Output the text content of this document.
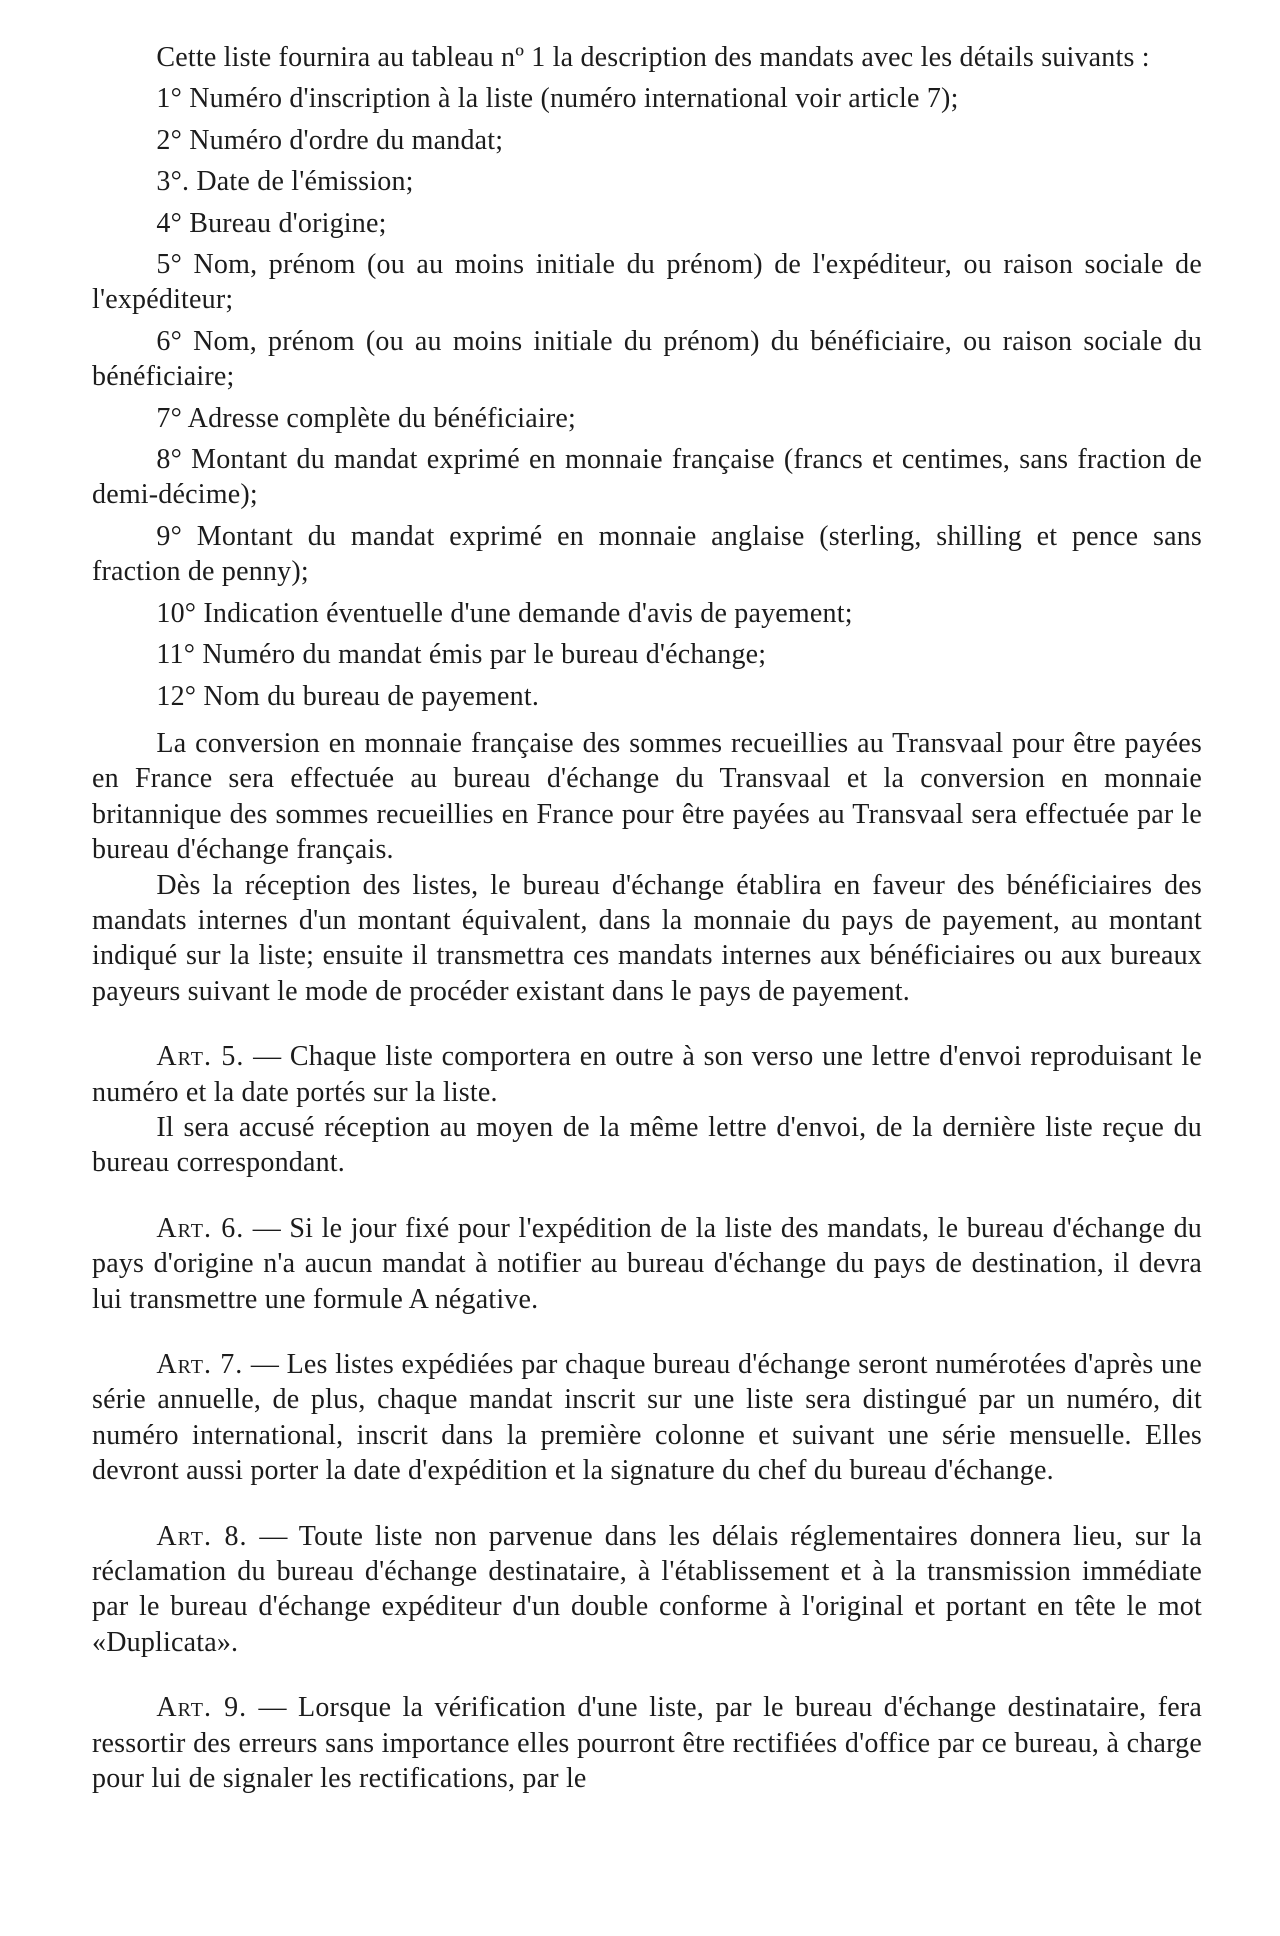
Cette liste fournira au tableau nº 1 la description des mandats avec les détails suivants :

1° Numéro d'inscription à la liste (numéro international voir article 7);

2° Numéro d'ordre du mandat;

3°. Date de l'émission;

4° Bureau d'origine;

5° Nom, prénom (ou au moins initiale du prénom) de l'expéditeur, ou raison sociale de l'expéditeur;

6° Nom, prénom (ou au moins initiale du prénom) du bénéficiaire, ou raison sociale du bénéficiaire;

7° Adresse complète du bénéficiaire;

8° Montant du mandat exprimé en monnaie française (francs et centimes, sans fraction de demi-décime);

9° Montant du mandat exprimé en monnaie anglaise (sterling, shilling et pence sans fraction de penny);

10° Indication éventuelle d'une demande d'avis de payement;

11° Numéro du mandat émis par le bureau d'échange;

12° Nom du bureau de payement.

La conversion en monnaie française des sommes recueillies au Transvaal pour être payées en France sera effectuée au bureau d'échange du Transvaal et la conversion en monnaie britannique des sommes recueillies en France pour être payées au Transvaal sera effectuée par le bureau d'échange français.

Dès la réception des listes, le bureau d'échange établira en faveur des bénéficiaires des mandats internes d'un montant équivalent, dans la monnaie du pays de payement, au montant indiqué sur la liste; ensuite il transmettra ces mandats internes aux bénéficiaires ou aux bureaux payeurs suivant le mode de procéder existant dans le pays de payement.

Art. 5. — Chaque liste comportera en outre à son verso une lettre d'envoi reproduisant le numéro et la date portés sur la liste.

Il sera accusé réception au moyen de la même lettre d'envoi, de la dernière liste reçue du bureau correspondant.

Art. 6. — Si le jour fixé pour l'expédition de la liste des mandats, le bureau d'échange du pays d'origine n'a aucun mandat à notifier au bureau d'échange du pays de destination, il devra lui transmettre une formule A négative.

Art. 7. — Les listes expédiées par chaque bureau d'échange seront numérotées d'après une série annuelle, de plus, chaque mandat inscrit sur une liste sera distingué par un numéro, dit numéro international, inscrit dans la première colonne et suivant une série mensuelle. Elles devront aussi porter la date d'expédition et la signature du chef du bureau d'échange.

Art. 8. — Toute liste non parvenue dans les délais réglementaires donnera lieu, sur la réclamation du bureau d'échange destinataire, à l'établissement et à la transmission immédiate par le bureau d'échange expéditeur d'un double conforme à l'original et portant en tête le mot «Duplicata».

Art. 9. — Lorsque la vérification d'une liste, par le bureau d'échange destinataire, fera ressortir des erreurs sans importance elles pourront être rectifiées d'office par ce bureau, à charge pour lui de signaler les rectifications, par le
